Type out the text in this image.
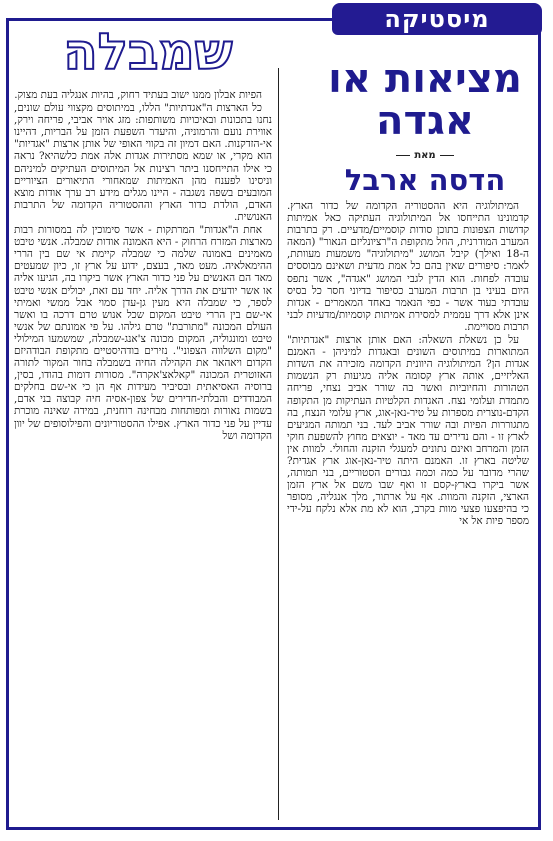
מיסטיקה
מציאות או
אגדה
מאת
הדסה ארבל
שמבלה

המיתולוגיה היא ההסטוריה הקדומה של כדור הארץ. קדמונינו התייחסו אל המיתולוגיה העתיקה כאל אמיתות קדושות הצפונות בתוכן סודות קוסמיים/מדעיים. רק בתרבות המערב המודרנית, החל מתקופת ה"רציונליזם הנאור" (המאה ה-18 ואילך) קיבל המושג "מיתולוגיה" משמעות מעוותת, לאמר: סיפורים שאין בהם כל אמת מדעית ושאינם מבוססים עובדה לפחות. הוא הדין לגבי המושג "אגדה", אשר נתפס היום בעיני בן תרבות המערב כסיפור בדיוני חסר כל בסיס עובדתי בעוד אשר - כפי הנאמר באחד המאמרים - אגדות אינן אלא דרך עממית למסירת אמיתות קוסמיות/מדעיות לבני תרבות מסויימת.

על כן נשאלת השאלה: האם אותן ארצות "אגדתיות" המתוארות במיתוסים השונים ובאגדות למיניהן - האמנם אגדות הן? המיתולוגיה היוונית הקדומה מזכירה את השדות האליזיים, אותה ארץ קסומה אליה מגיעות רק הנשמות הטהורות והחיוביות ואשר בה שורר אביב נצחי, פריחה מתמדת ועלומי נצח. האגדות הקלטיות העתיקות מן התקופה הקדם-נוצרית מספרות על טיר-נאן-אוג, ארץ עלומי הנצח, בה מתגוררות הפיות ובה שורר אביב לעד. בני תמותה המגיעים לארץ זו - והם נדירים עד מאד - יוצאים מחוץ להשפעת חוקי הזמן והמרחב ואינם נתונים למעגלי הזקנה והחולי. למוות אין שליטה בארץ זו. האמנם היתה טיר-נאן-אוג ארץ אגדית? שהרי מדובר על כמה וכמה גבורים הסטוריים, בני תמותה, אשר ביקרו בארץ-קסם זו ואף שבו משם אל ארץ הזמן הארצי, הזקנה והמוות. אף על ארתור, מלך אנגליה, מסופר כי בהיפצעו פצעי מוות בקרב, הוא לא מת אלא נלקח על-ידי מספר פיות אל אי

הפיות אבלון ממנו ישוב בעתיד רחוק, בהיות אנגליה בעת מצוק.

כל הארצות ה"אגדתיות" הללו, במיתוסים מקצווי עולם שונים, נחנו בתכונות ובאיכויות משותפות: מזג אויר אביבי, פריחה וירק, אווירת נועם והרמוניה, והיעדר השפעת הזמן על הבריות, דהיינו אי-הזדקנות. האם דמיון זה בקווי האופי של אותן ארצות "אגדיות" הוא מקרי, או שמא מסתירות אגדות אלה אמת כלשהיא? נראה כי אילו התייחסנו ביתר רצינות אל המיתוסים העתיקים למיניהם וניסינו לפענח מהן האמיתות שמאחורי התיאורים הציוריים המובעים בשפה נשגבה - היינו מגלים מידע רב ערך אודות מוצא האדם, הולדת כדור הארץ וההסטוריה הקדומה של התרבות האנושית.

אחת ה"אגדות" המרתקות - אשר סימוכין לה במסורות רבות מארצות המזרח הרחוק - היא האמונה אודות שמבלה. אנשי טיבט מאמינים באמונה שלמה כי שמבלה קיימת אי שם בין הררי ההימאלאיה. מעט מאד, בעצם, ידוע על ארץ זו, כיון שמעטים מאד הם האנשים על פני כדור הארץ אשר ביקרו בה, הגיעו אליה או אשר יודעים את הדרך אליה. יחד עם זאת, יכולים אנשי טיבט לספר, כי שמבלה היא מעין גן-עדן סמוי אבל ממשי ואמיתי אי-שם בין הררי טיבט המקום שכל אנוש טרם דרכה בו ואשר העולם המכונה "מתורבת" טרם גילהו. על פי אמונתם של אנשי טיבט ומונגוליה, המקום מכונה צ'אנג-שמבלה, שמשמעו המילולי "מקום השלווה הצפוני". נזירים בודהיסטיים מתקופת הבודהיזם הקדום ויאהאר את הקהילה החיה בשמבלה בחור המקור לתורה האזוטרית המכונה "קאלאצ'אקרה". מסורות דומות בהודו, בסין, ברוסיה האסיאתית ובסיביר מעידות אף הן כי אי-שם בחלקים המבודדים והבלתי-חדירים של צפון-אסיה חיה קבוצה בני אדם, בשמות נאורות ומפותחות מבחינה רוחנית, במידה שאינה מוכרת עדיין על פני כדור הארץ. אפילו ההסטוריונים והפילוסופים של יוון הקדומה ושל
